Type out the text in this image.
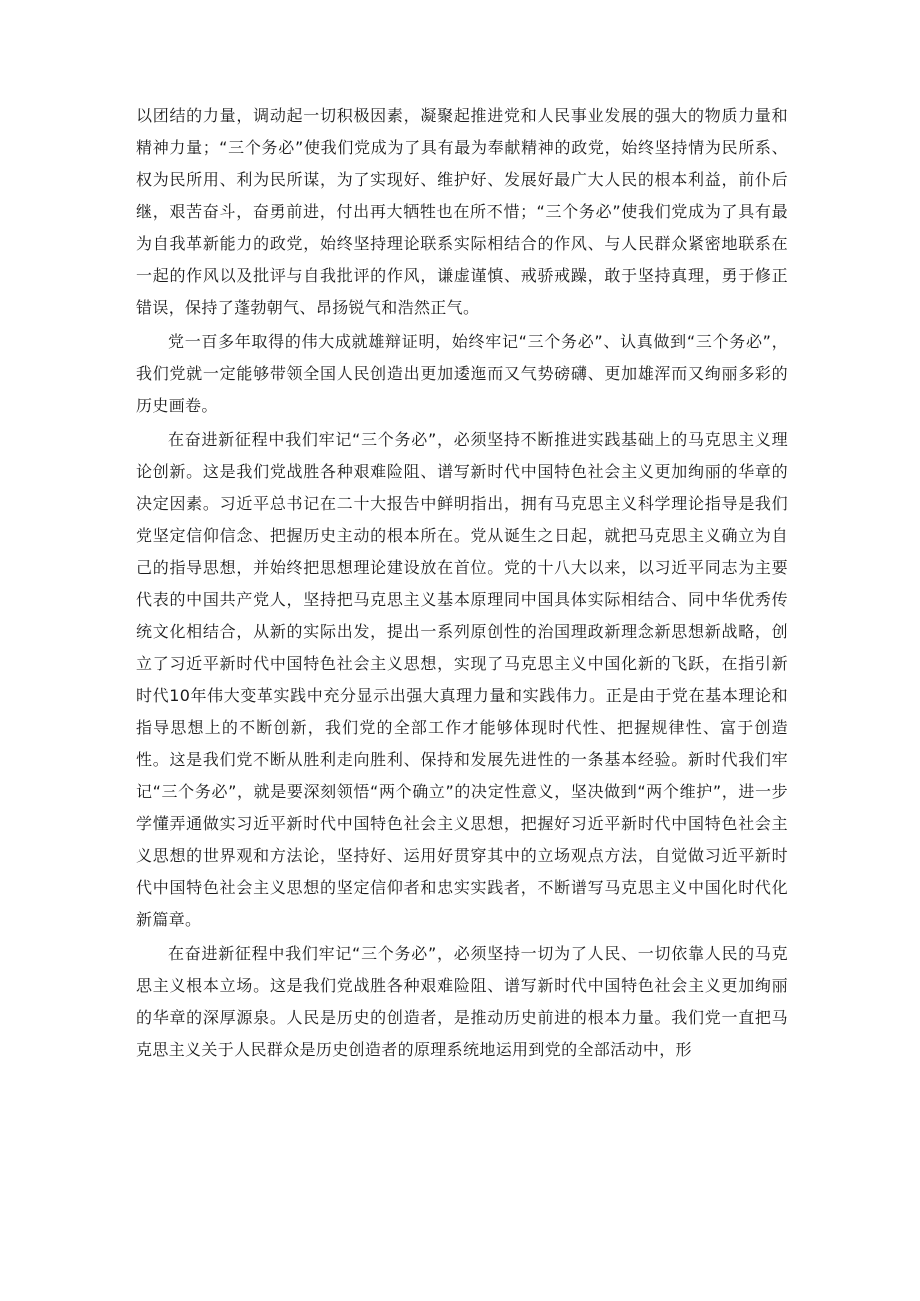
以团结的力量，调动起一切积极因素，凝聚起推进党和人民事业发展的强大的物质力量和精神力量；“三个务必”使我们党成为了具有最为奉献精神的政党，始终坚持情为民所系、权为民所用、利为民所谋，为了实现好、维护好、发展好最广大人民的根本利益，前仆后继，艰苦奋斗，奋勇前进，付出再大牺牲也在所不惜；“三个务必”使我们党成为了具有最为自我革新能力的政党，始终坚持理论联系实际相结合的作风、与人民群众紧密地联系在一起的作风以及批评与自我批评的作风，谦虚谨慎、戒骄戒躁，敢于坚持真理，勇于修正错误，保持了蓬勃朝气、昂扬锐气和浩然正气。

党一百多年取得的伟大成就雄辩证明，始终牢记“三个务必”、认真做到“三个务必”，我们党就一定能够带领全国人民创造出更加逶迤而又气势磅礴、更加雄浑而又绚丽多彩的历史画卷。

在奋进新征程中我们牢记“三个务必”，必须坚持不断推进实践基础上的马克思主义理论创新。这是我们党战胜各种艰难险阻、谱写新时代中国特色社会主义更加绚丽的华章的决定因素。习近平总书记在二十大报告中鲜明指出，拥有马克思主义科学理论指导是我们党坚定信仰信念、把握历史主动的根本所在。党从诞生之日起，就把马克思主义确立为自己的指导思想，并始终把思想理论建设放在首位。党的十八大以来，以习近平同志为主要代表的中国共产党人，坚持把马克思主义基本原理同中国具体实际相结合、同中华优秀传统文化相结合，从新的实际出发，提出一系列原创性的治国理政新理念新思想新战略，创立了习近平新时代中国特色社会主义思想，实现了马克思主义中国化新的飞跃，在指引新时代10年伟大变革实践中充分显示出强大真理力量和实践伟力。正是由于党在基本理论和指导思想上的不断创新，我们党的全部工作才能够体现时代性、把握规律性、富于创造性。这是我们党不断从胜利走向胜利、保持和发展先进性的一条基本经验。新时代我们牢记“三个务必”，就是要深刻领悟“两个确立”的决定性意义，坚决做到“两个维护”，进一步学懂弄通做实习近平新时代中国特色社会主义思想，把握好习近平新时代中国特色社会主义思想的世界观和方法论，坚持好、运用好贯穿其中的立场观点方法，自觉做习近平新时代中国特色社会主义思想的坚定信仰者和忠实实践者，不断谱写马克思主义中国化时代化新篇章。

在奋进新征程中我们牢记“三个务必”，必须坚持一切为了人民、一切依靠人民的马克思主义根本立场。这是我们党战胜各种艰难险阻、谱写新时代中国特色社会主义更加绚丽的华章的深厚源泉。人民是历史的创造者，是推动历史前进的根本力量。我们党一直把马克思主义关于人民群众是历史创造者的原理系统地运用到党的全部活动中，形
